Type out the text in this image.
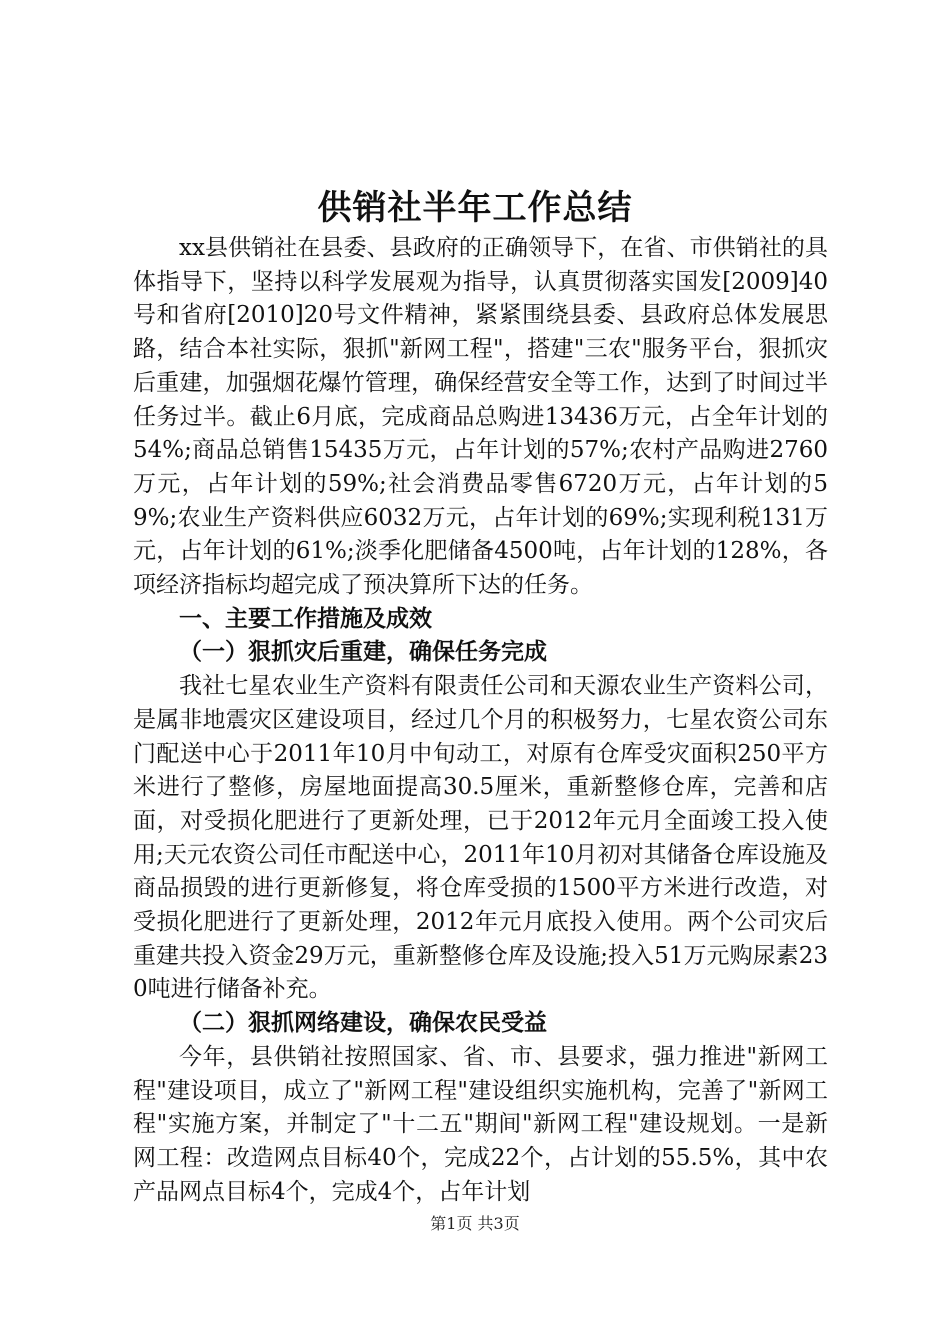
供销社半年工作总结

xx县供销社在县委、县政府的正确领导下，在省、市供销社的具体指导下，坚持以科学发展观为指导，认真贯彻落实国发[2009]40号和省府[2010]20号文件精神，紧紧围绕县委、县政府总体发展思路，结合本社实际，狠抓"新网工程"，搭建"三农"服务平台，狠抓灾后重建，加强烟花爆竹管理，确保经营安全等工作，达到了时间过半任务过半。截止6月底，完成商品总购进13436万元，占全年计划的54%;商品总销售15435万元，占年计划的57%;农村产品购进2760万元，占年计划的59%;社会消费品零售6720万元，占年计划的59%;农业生产资料供应6032万元，占年计划的69%;实现利税131万元，占年计划的61%;淡季化肥储备4500吨，占年计划的128%，各项经济指标均超完成了预决算所下达的任务。

一、主要工作措施及成效

（一）狠抓灾后重建，确保任务完成

我社七星农业生产资料有限责任公司和天源农业生产资料公司，是属非地震灾区建设项目，经过几个月的积极努力，七星农资公司东门配送中心于2011年10月中旬动工，对原有仓库受灾面积250平方米进行了整修，房屋地面提高30.5厘米，重新整修仓库，完善和店面，对受损化肥进行了更新处理，已于2012年元月全面竣工投入使用;天元农资公司任市配送中心，2011年10月初对其储备仓库设施及商品损毁的进行更新修复，将仓库受损的1500平方米进行改造，对受损化肥进行了更新处理，2012年元月底投入使用。两个公司灾后重建共投入资金29万元，重新整修仓库及设施;投入51万元购尿素230吨进行储备补充。

（二）狠抓网络建设，确保农民受益

今年，县供销社按照国家、省、市、县要求，强力推进"新网工程"建设项目，成立了"新网工程"建设组织实施机构，完善了"新网工程"实施方案，并制定了"十二五"期间"新网工程"建设规划。一是新网工程：改造网点目标40个，完成22个，占计划的55.5%，其中农产品网点目标4个，完成4个，占年计划

第1页 共3页
